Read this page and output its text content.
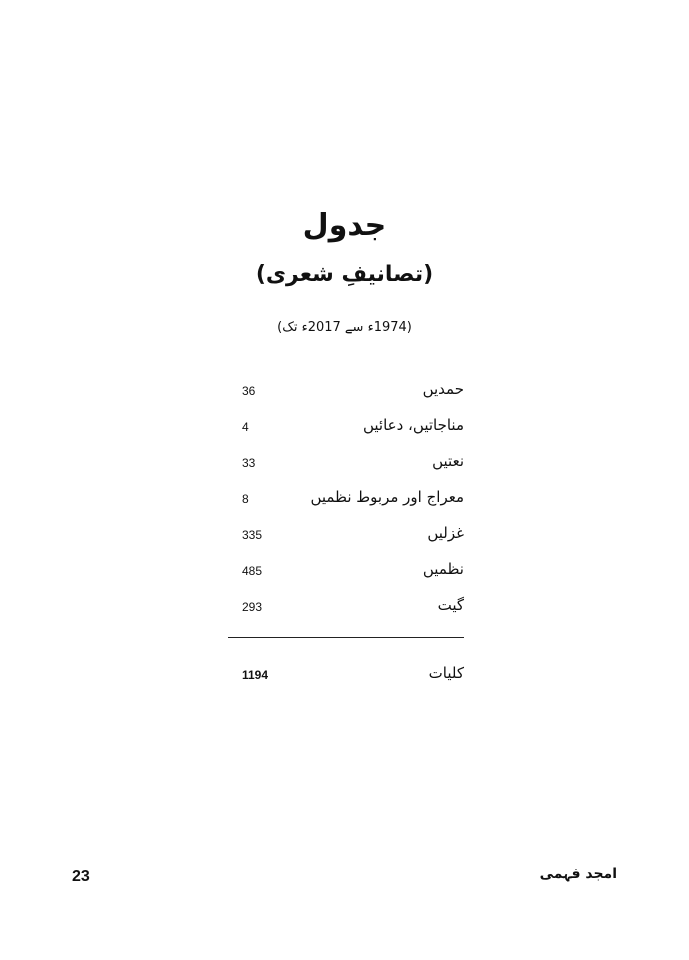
جدول
(تصانیفِ شعری)
(1974ء سے 2017ء تک)
حمدیں
36
مناجاتیں، دعائیں
4
نعتیں
33
معراج اور مربوط نظمیں
8
غزلیں
335
نظمیں
485
گیت
293
کلیات
1194
23	امجد فہمی
